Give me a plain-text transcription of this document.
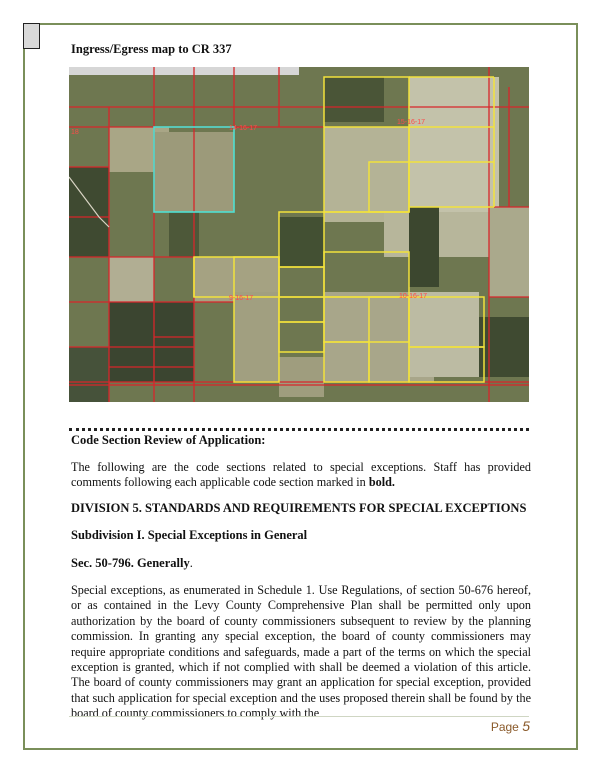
Ingress/Egress map to CR 337
18
14-16-17
15-16-17
9-16-17	10-16-17
Code Section Review of Application:

The following are the code sections related to special exceptions. Staff has provided comments following each applicable code section marked in bold.

DIVISION 5. STANDARDS AND REQUIREMENTS FOR SPECIAL EXCEPTIONS
Subdivision I. Special Exceptions in General
Sec. 50-796. Generally.

Special exceptions, as enumerated in Schedule 1. Use Regulations, of section 50-676 hereof, or as contained in the Levy County Comprehensive Plan shall be permitted only upon authorization by the board of county commissioners subsequent to review by the planning commission. In granting any special exception, the board of county commissioners may require appropriate conditions and safeguards, made a part of the terms on which the special exception is granted, which if not complied with shall be deemed a violation of this article. The board of county commissioners may grant an application for special exception, provided that such application for special exception and the uses proposed therein shall be found by the board of county commissioners to comply with the

Page 5
